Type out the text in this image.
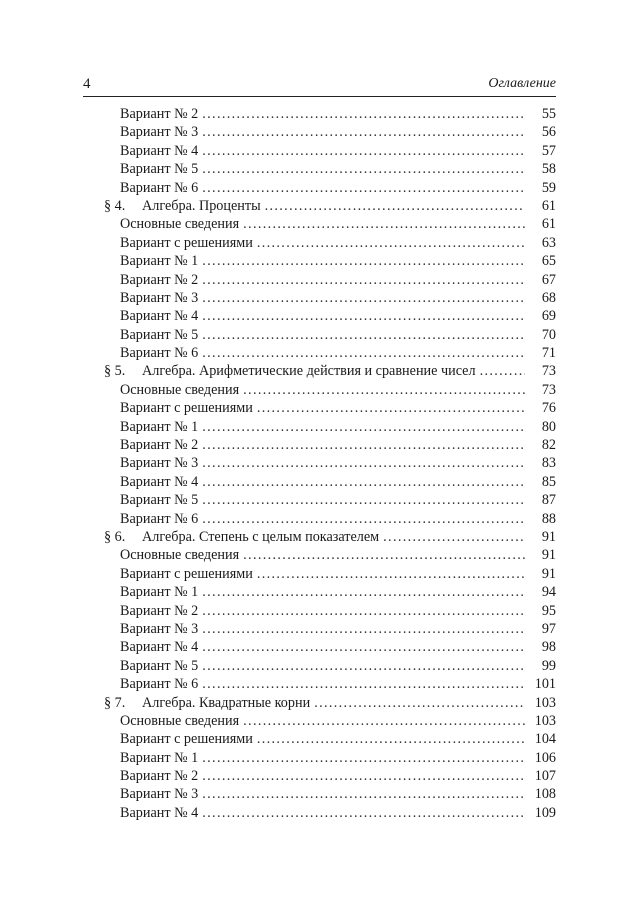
4	Оглавление
Вариант № 2 . . .	55
Вариант № 3 . . .	56
Вариант № 4 . . .	57
Вариант № 5 . . .	58
Вариант № 6 . . .	59
§ 4.	Алгебра. Проценты . . .	61
Основные сведения . . .	61
Вариант с решениями . . .	63
Вариант № 1 . . .	65
Вариант № 2 . . .	67
Вариант № 3 . . .	68
Вариант № 4 . . .	69
Вариант № 5 . . .	70
Вариант № 6 . . .	71
§ 5.	Алгебра. Арифметические действия и сравнение чисел . . .	73
Основные сведения . . .	73
Вариант с решениями . . .	76
Вариант № 1 . . .	80
Вариант № 2 . . .	82
Вариант № 3 . . .	83
Вариант № 4 . . .	85
Вариант № 5 . . .	87
Вариант № 6 . . .	88
§ 6.	Алгебра. Степень с целым показателем . . .	91
Основные сведения . . .	91
Вариант с решениями . . .	91
Вариант № 1 . . .	94
Вариант № 2 . . .	95
Вариант № 3 . . .	97
Вариант № 4 . . .	98
Вариант № 5 . . .	99
Вариант № 6 . . .	101
§ 7.	Алгебра. Квадратные корни . . .	103
Основные сведения . . .	103
Вариант с решениями . . .	104
Вариант № 1 . . .	106
Вариант № 2 . . .	107
Вариант № 3 . . .	108
Вариант № 4 . . .	109
